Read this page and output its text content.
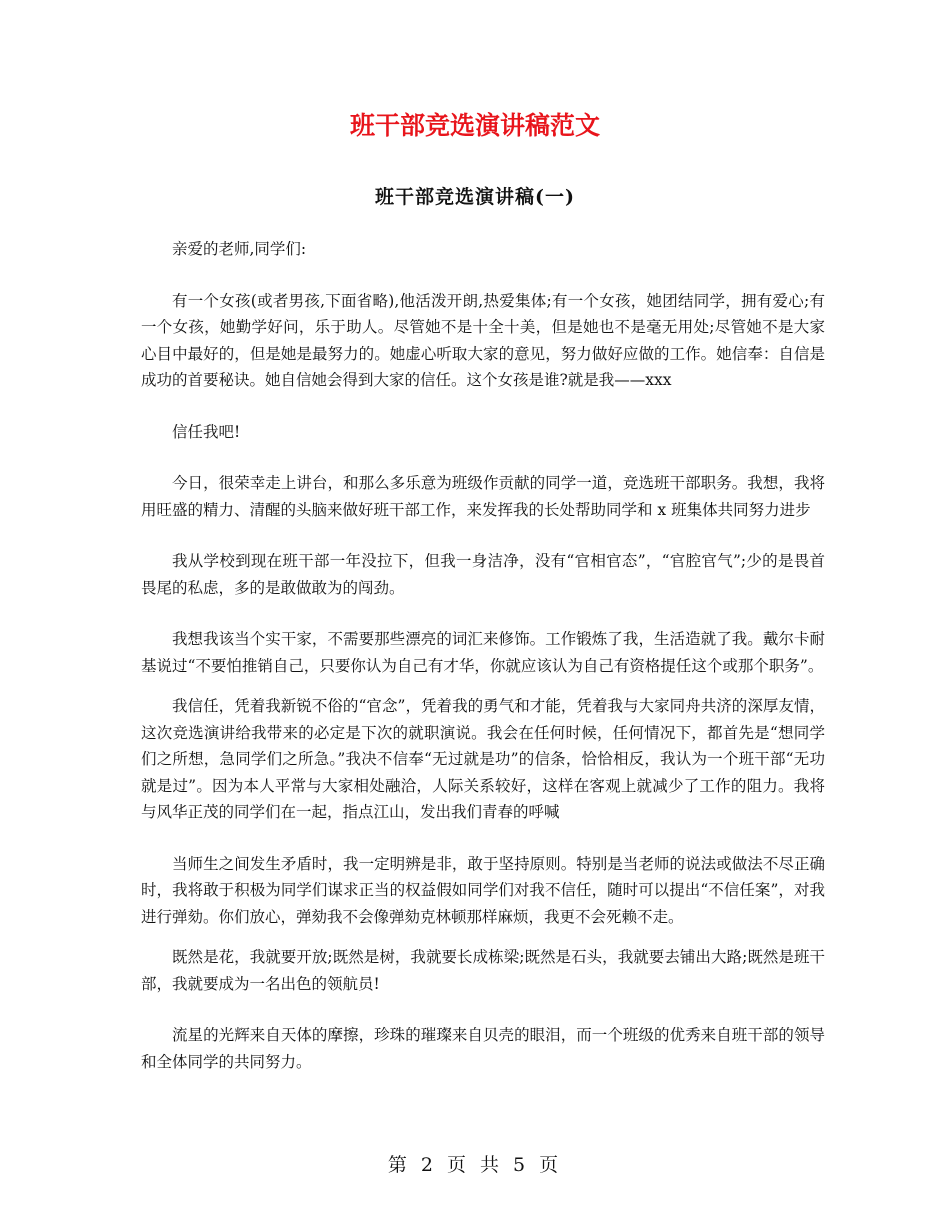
班干部竞选演讲稿范文
班干部竞选演讲稿(一)

亲爱的老师,同学们:

有一个女孩(或者男孩,下面省略),他活泼开朗,热爱集体;有一个女孩，她团结同学，拥有爱心;有一个女孩，她勤学好问，乐于助人。尽管她不是十全十美，但是她也不是毫无用处;尽管她不是大家心目中最好的，但是她是最努力的。她虚心听取大家的意见，努力做好应做的工作。她信奉：自信是成功的首要秘诀。她自信她会得到大家的信任。这个女孩是谁?就是我——xxx

信任我吧!

今日，很荣幸走上讲台，和那么多乐意为班级作贡献的同学一道，竞选班干部职务。我想，我将用旺盛的精力、清醒的头脑来做好班干部工作，来发挥我的长处帮助同学和 x 班集体共同努力进步

我从学校到现在班干部一年没拉下，但我一身洁净，没有“官相官态”，“官腔官气”;少的是畏首畏尾的私虑，多的是敢做敢为的闯劲。

我想我该当个实干家，不需要那些漂亮的词汇来修饰。工作锻炼了我，生活造就了我。戴尔卡耐基说过“不要怕推销自己，只要你认为自己有才华，你就应该认为自己有资格提任这个或那个职务”。

我信任，凭着我新锐不俗的“官念”，凭着我的勇气和才能，凭着我与大家同舟共济的深厚友情，这次竞选演讲给我带来的必定是下次的就职演说。我会在任何时候，任何情况下，都首先是“想同学们之所想，急同学们之所急。”我决不信奉“无过就是功”的信条，恰恰相反，我认为一个班干部“无功就是过”。因为本人平常与大家相处融洽，人际关系较好，这样在客观上就减少了工作的阻力。我将与风华正茂的同学们在一起，指点江山，发出我们青春的呼喊

当师生之间发生矛盾时，我一定明辨是非，敢于坚持原则。特别是当老师的说法或做法不尽正确时，我将敢于积极为同学们谋求正当的权益假如同学们对我不信任，随时可以提出“不信任案”，对我进行弹劾。你们放心，弹劾我不会像弹劾克林顿那样麻烦，我更不会死赖不走。

既然是花，我就要开放;既然是树，我就要长成栋梁;既然是石头，我就要去铺出大路;既然是班干部，我就要成为一名出色的领航员!

流星的光辉来自天体的摩擦，珍珠的璀璨来自贝壳的眼泪，而一个班级的优秀来自班干部的领导和全体同学的共同努力。

第 2 页 共 5 页
